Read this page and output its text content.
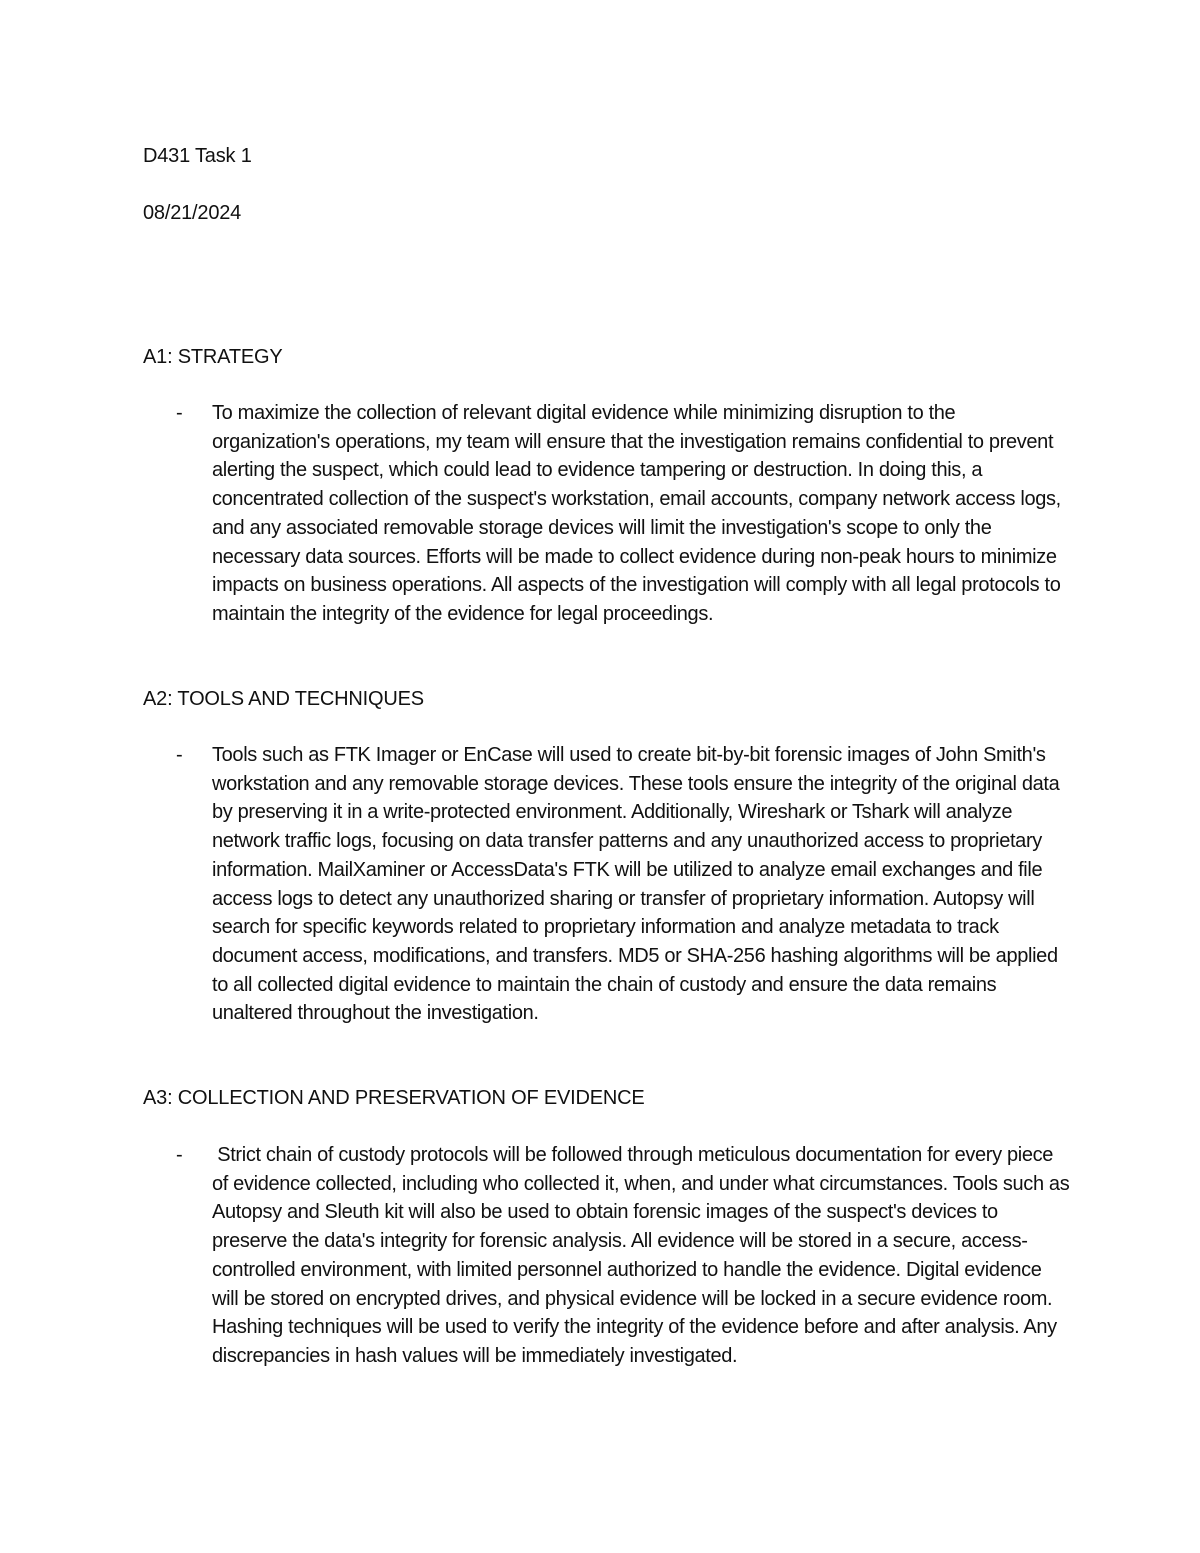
D431 Task 1
08/21/2024
A1: STRATEGY
- To maximize the collection of relevant digital evidence while minimizing disruption to the organization's operations, my team will ensure that the investigation remains confidential to prevent alerting the suspect, which could lead to evidence tampering or destruction. In doing this, a concentrated collection of the suspect's workstation, email accounts, company network access logs, and any associated removable storage devices will limit the investigation's scope to only the necessary data sources. Efforts will be made to collect evidence during non-peak hours to minimize impacts on business operations. All aspects of the investigation will comply with all legal protocols to maintain the integrity of the evidence for legal proceedings.
A2: TOOLS AND TECHNIQUES
- Tools such as FTK Imager or EnCase will used to create bit-by-bit forensic images of John Smith's workstation and any removable storage devices. These tools ensure the integrity of the original data by preserving it in a write-protected environment. Additionally, Wireshark or Tshark will analyze network traffic logs, focusing on data transfer patterns and any unauthorized access to proprietary information. MailXaminer or AccessData's FTK will be utilized to analyze email exchanges and file access logs to detect any unauthorized sharing or transfer of proprietary information. Autopsy will search for specific keywords related to proprietary information and analyze metadata to track document access, modifications, and transfers. MD5 or SHA-256 hashing algorithms will be applied to all collected digital evidence to maintain the chain of custody and ensure the data remains unaltered throughout the investigation.
A3: COLLECTION AND PRESERVATION OF EVIDENCE
- Strict chain of custody protocols will be followed through meticulous documentation for every piece of evidence collected, including who collected it, when, and under what circumstances. Tools such as Autopsy and Sleuth kit will also be used to obtain forensic images of the suspect's devices to preserve the data's integrity for forensic analysis. All evidence will be stored in a secure, access-controlled environment, with limited personnel authorized to handle the evidence. Digital evidence will be stored on encrypted drives, and physical evidence will be locked in a secure evidence room. Hashing techniques will be used to verify the integrity of the evidence before and after analysis. Any discrepancies in hash values will be immediately investigated.
